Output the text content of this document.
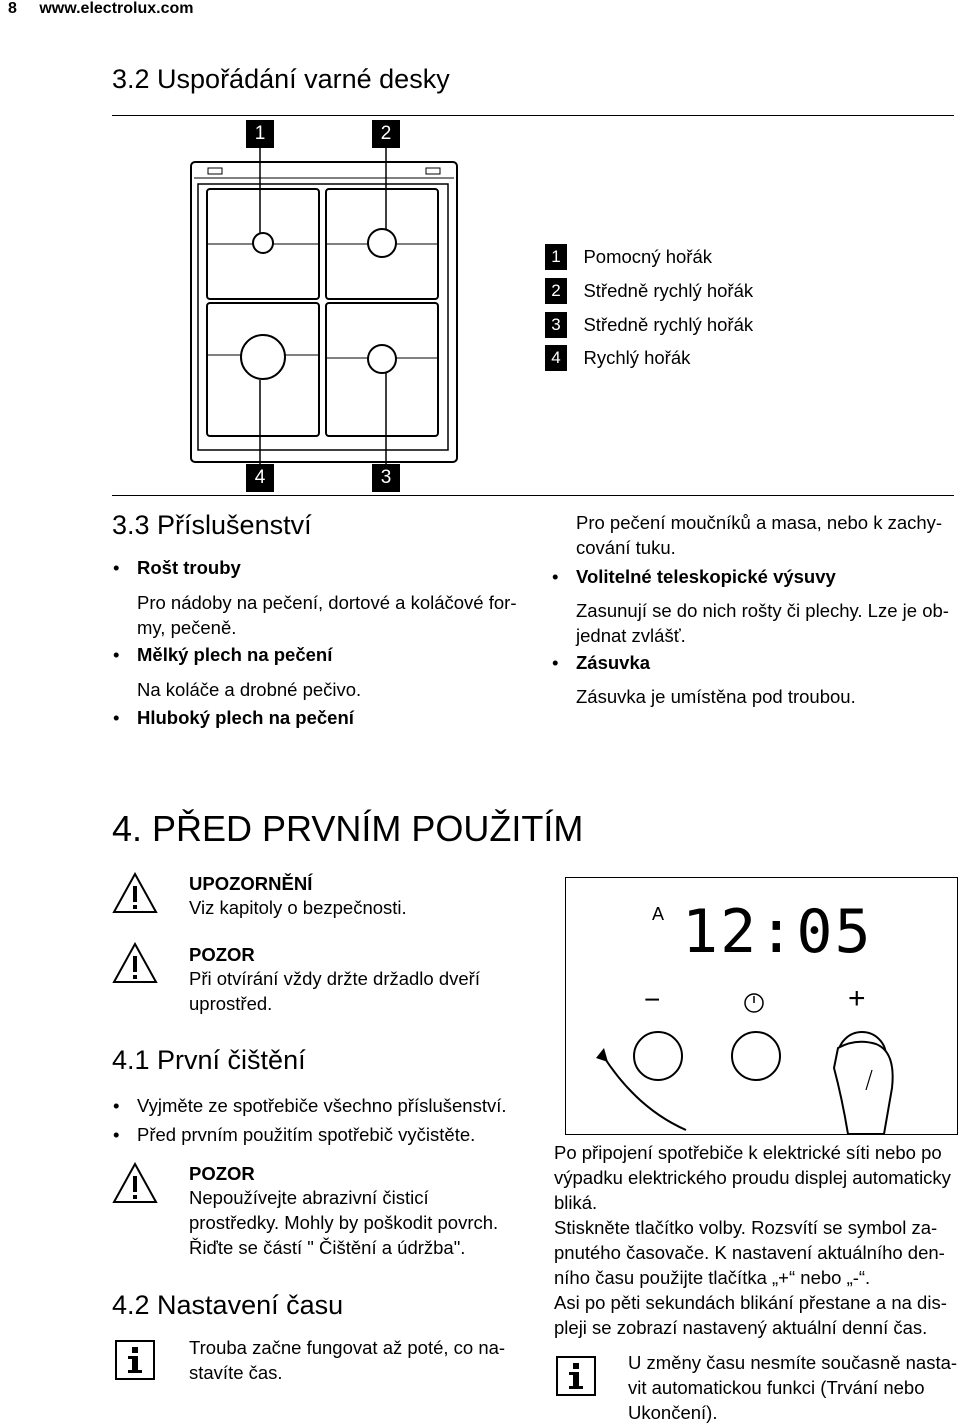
8 www.electrolux.com
3.2 Uspořádání varné desky
1	2
4	3
1 Pomocný hořák
2 Středně rychlý hořák
3 Středně rychlý hořák
4 Rychlý hořák
3.3 Příslušenství
• Rošt trouby
Pro nádoby na pečení, dortové a koláčové for-
my, pečeně.
• Mělký plech na pečení
Na koláče a drobné pečivo.
• Hluboký plech na pečení
Pro pečení moučníků a masa, nebo k zachy-
cování tuku.
• Volitelné teleskopické výsuvy
Zasunují se do nich rošty či plechy. Lze je ob-
jednat zvlášť.
• Zásuvka
Zásuvka je umístěna pod troubou.
4. PŘED PRVNÍM POUŽITÍM
UPOZORNĚNÍ
Viz kapitoly o bezpečnosti.
POZOR
Při otvírání vždy držte držadlo dveří
uprostřed.
4.1 První čištění
• Vyjměte ze spotřebiče všechno příslušenství.
• Před prvním použitím spotřebič vyčistěte.
POZOR
Nepoužívejte abrazivní čisticí
prostředky. Mohly by poškodit povrch.
Řiďte se částí " Čištění a údržba".
4.2 Nastavení času
Trouba začne fungovat až poté, co na-
stavíte čas.
A 12:05
−	+
Po připojení spotřebiče k elektrické síti nebo po
výpadku elektrického proudu displej automaticky
bliká.
Stiskněte tlačítko volby. Rozsvítí se symbol za-
pnutého časovače. K nastavení aktuálního den-
ního času použijte tlačítka „+“ nebo „-“.
Asi po pěti sekundách blikání přestane a na dis-
pleji se zobrazí nastavený aktuální denní čas.
U změny času nesmíte současně nasta-
vit automatickou funkci (Trvání nebo
Ukončení).
